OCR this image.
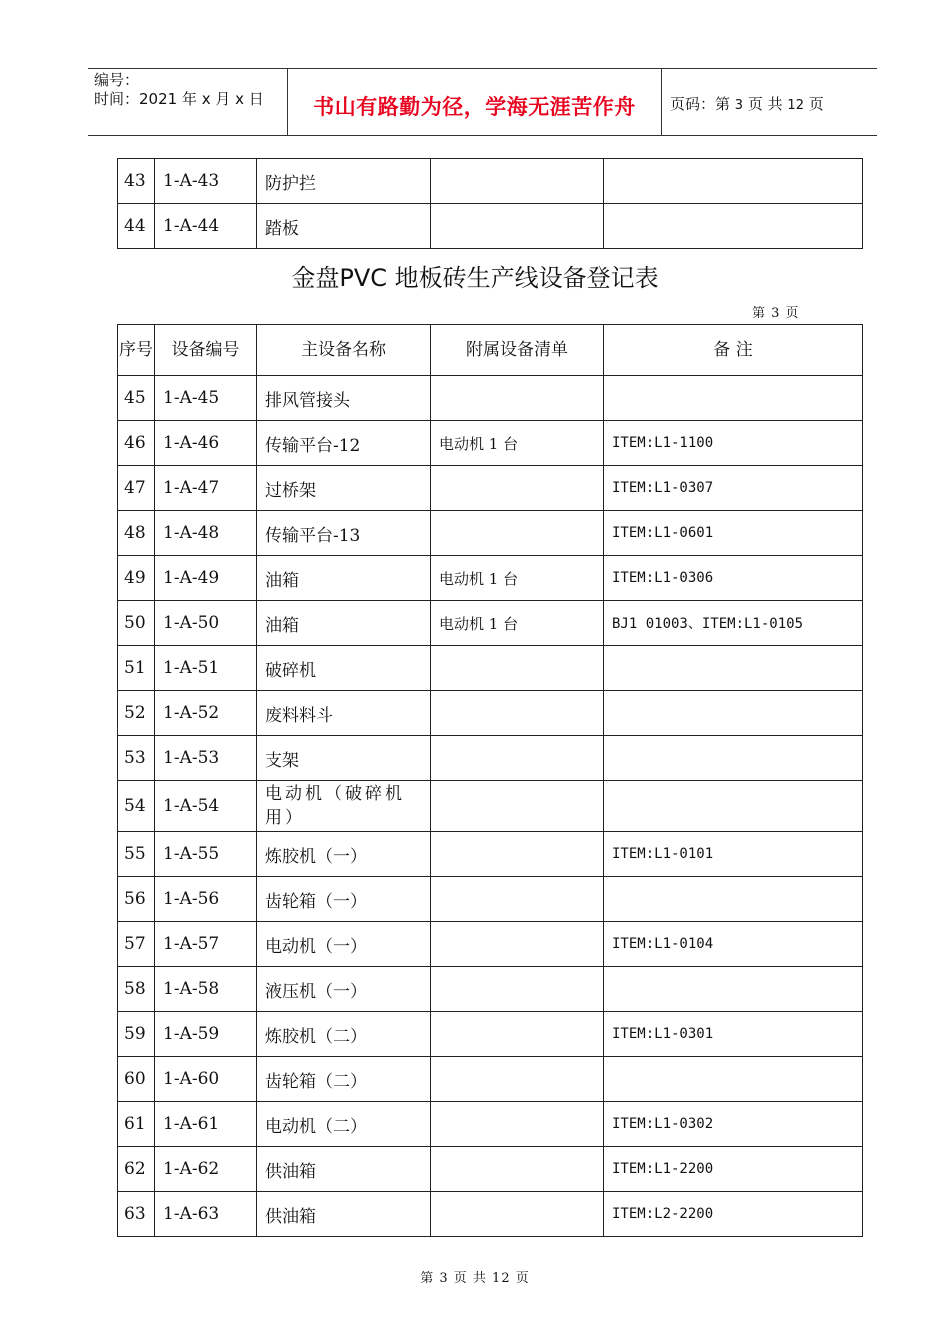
编号：
时间：2021 年 x 月 x 日	书山有路勤为径，学海无涯苦作舟	页码：第 3 页 共 12 页
43	1-A-43	防护拦		
44	1-A-44	踏板		
金盘PVC 地板砖生产线设备登记表
第 3 页
序号	设备编号	主设备名称	附属设备清单	备 注
45	1-A-45	排风管接头		
46	1-A-46	传输平台-12	电动机 1 台	ITEM:L1-1100
47	1-A-47	过桥架		ITEM:L1-0307
48	1-A-48	传输平台-13		ITEM:L1-0601
49	1-A-49	油箱	电动机 1 台	ITEM:L1-0306
50	1-A-50	油箱	电动机 1 台	BJ1 01003、ITEM:L1-0105
51	1-A-51	破碎机		
52	1-A-52	废料料斗		
53	1-A-53	支架		
54	1-A-54	电动机（破碎机用）		
55	1-A-55	炼胶机（一）		ITEM:L1-0101
56	1-A-56	齿轮箱（一）		
57	1-A-57	电动机（一）		ITEM:L1-0104
58	1-A-58	液压机（一）		
59	1-A-59	炼胶机（二）		ITEM:L1-0301
60	1-A-60	齿轮箱（二）		
61	1-A-61	电动机（二）		ITEM:L1-0302
62	1-A-62	供油箱		ITEM:L1-2200
63	1-A-63	供油箱		ITEM:L2-2200
第 3 页 共 12 页
